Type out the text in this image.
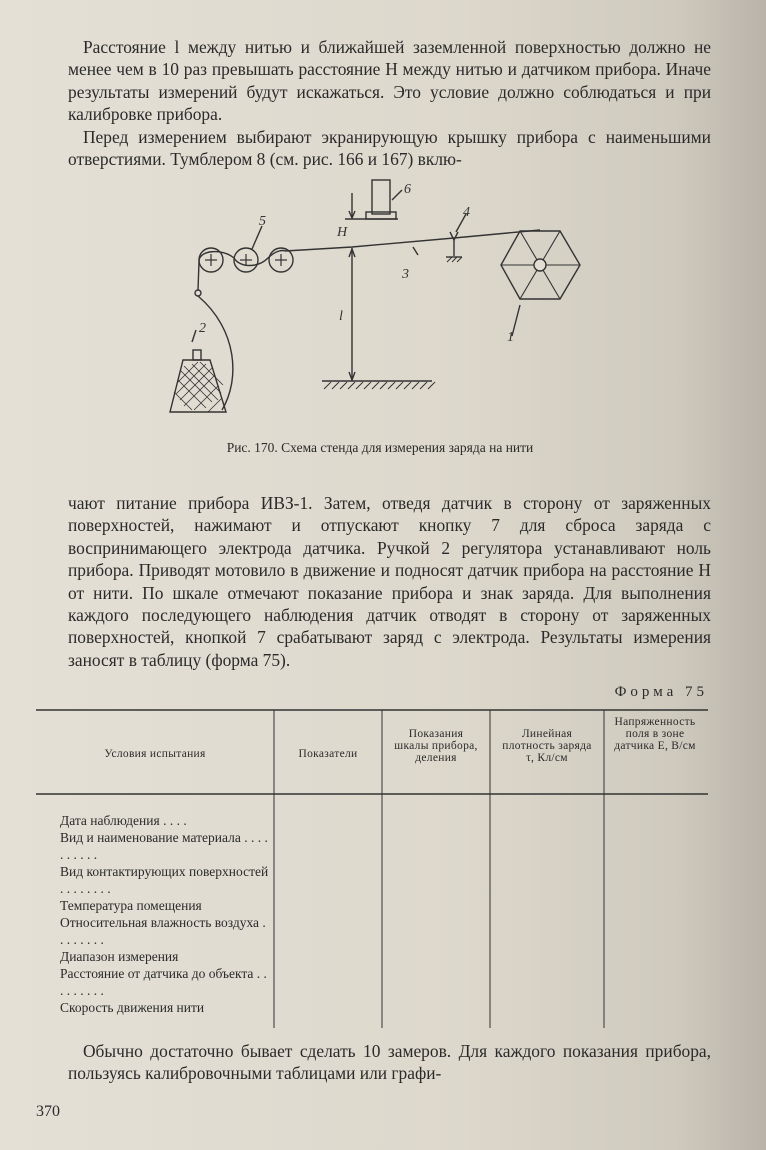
Расстояние l между нитью и ближайшей заземленной поверхностью должно не менее чем в 10 раз превышать расстояние H между нитью и датчиком прибора. Иначе результаты измерений будут искажаться. Это условие должно соблюдаться и при калибровке прибора.

Перед измерением выбирают экранирующую крышку прибора с наименьшими отверстиями. Тумблером 8 (см. рис. 166 и 167) вклю-

2
1
3
4
5
6
H
l
Рис. 170. Схема стенда для измерения заряда на нити

чают питание прибора ИВЗ-1. Затем, отведя датчик в сторону от заряженных поверхностей, нажимают и отпускают кнопку 7 для сброса заряда с воспринимающего электрода датчика. Ручкой 2 регулятора устанавливают ноль прибора. Приводят мотовило в движение и подносят датчик прибора на расстояние H от нити. По шкале отмечают показание прибора и знак заряда. Для выполнения каждого последующего наблюдения датчик отводят в сторону от заряженных поверхностей, кнопкой 7 срабатывают заряд с электрода. Результаты измерения заносят в таблицу (форма 75).

Форма 75
Условия испытания	Показатели
Показания шкалы прибора, деления
Линейная плотность заряда τ, Кл/см
Напряженность поля в зоне датчика E, В/см
Дата наблюдения . . . .
Вид и наименование материала . . . . . . . . . .
Вид контактирующих поверхностей . . . . . . . .
Температура помещения
Относительная влажность воздуха . . . . . . . .
Диапазон измерения
Расстояние от датчика до объекта . . . . . . . . .
Скорость движения нити

Обычно достаточно бывает сделать 10 замеров. Для каждого показания прибора, пользуясь калибровочными таблицами или графи-

370
